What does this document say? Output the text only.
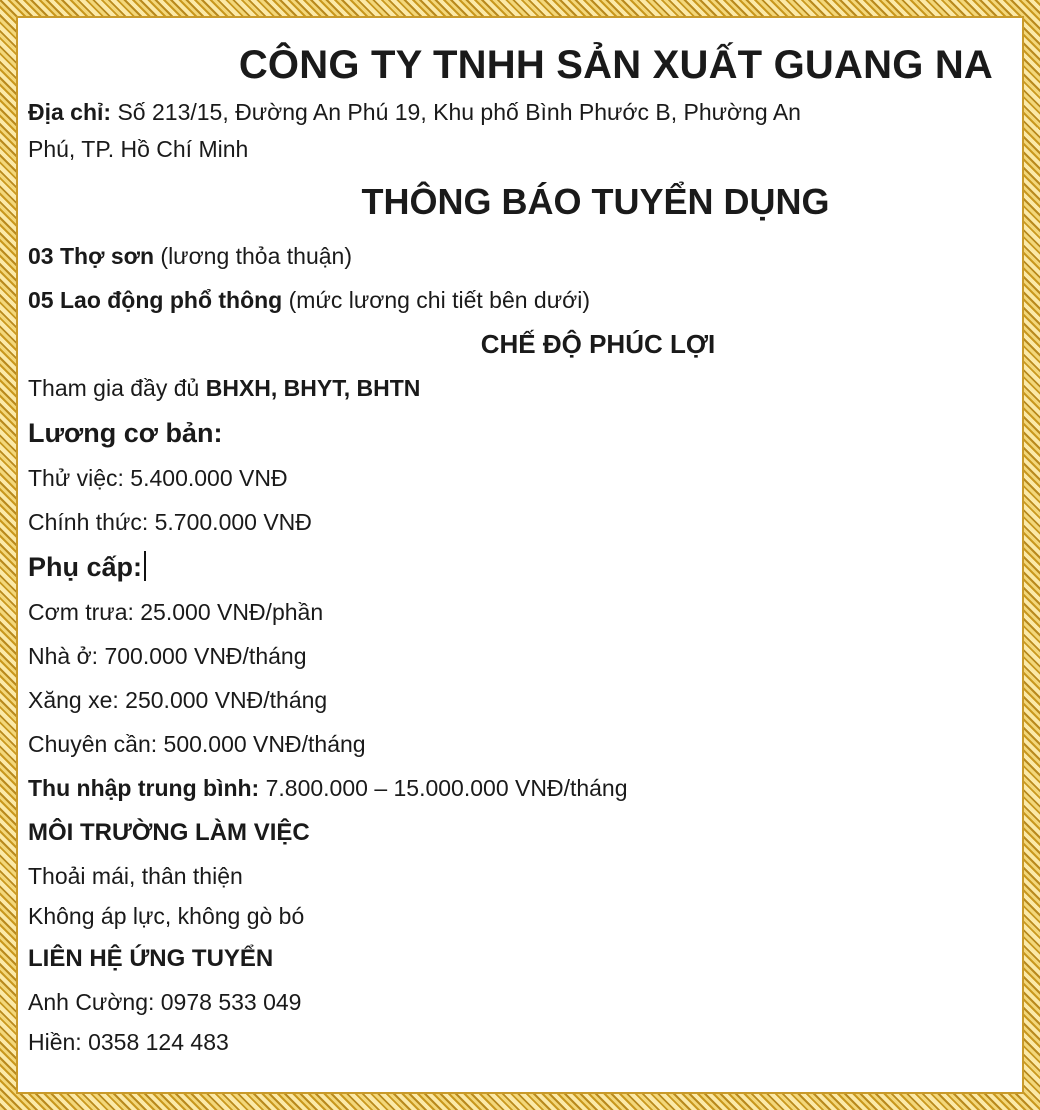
CÔNG TY TNHH SẢN XUẤT GUANG NA

Địa chỉ: Số 213/15, Đường An Phú 19, Khu phố Bình Phước B, Phường An

Phú, TP. Hồ Chí Minh

THÔNG BÁO TUYỂN DỤNG

03 Thợ sơn (lương thỏa thuận)

05 Lao động phổ thông (mức lương chi tiết bên dưới)

CHẾ ĐỘ PHÚC LỢI

Tham gia đầy đủ BHXH, BHYT, BHTN

Lương cơ bản:

Thử việc: 5.400.000 VNĐ

Chính thức: 5.700.000 VNĐ

Phụ cấp:

Cơm trưa: 25.000 VNĐ/phần

Nhà ở: 700.000 VNĐ/tháng

Xăng xe: 250.000 VNĐ/tháng

Chuyên cần: 500.000 VNĐ/tháng

Thu nhập trung bình: 7.800.000 – 15.000.000 VNĐ/tháng

MÔI TRƯỜNG LÀM VIỆC

Thoải mái, thân thiện

Không áp lực, không gò bó

LIÊN HỆ ỨNG TUYỂN

Anh Cường: 0978 533 049

Hiền: 0358 124 483
